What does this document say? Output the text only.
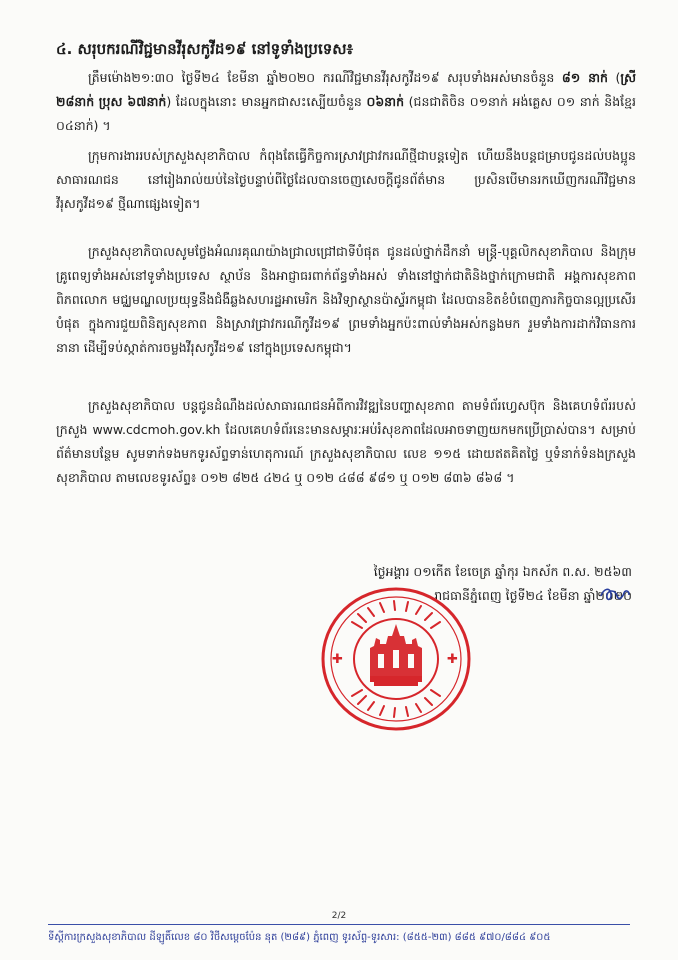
៤. សរុបករណីវិជ្ជមានវីរុសកូវីដ១៩ នៅទូទាំងប្រទេស៖
ត្រឹមម៉ោង២១:៣០ ថ្ងៃទី២៤ ខែមីនា ឆ្នាំ២០២០ ករណីវិជ្ជមានវីរុសកូវីដ១៩ សរុបទាំងអស់មានចំនួន ៨១ នាក់ (ស្រី ២៨នាក់ ប្រុស ៦៧នាក់) ដែលក្នុងនោះ មានអ្នកជាសះស្បើយចំនួន ០៦នាក់ (ជនជាតិចិន ០១នាក់ អង់គ្លេស ០១ នាក់ និងខ្មែរ ០៤នាក់) ។
ក្រុមការងាររបស់ក្រសួងសុខាភិបាល កំពុងតែធ្វើកិច្ចការស្រាវជ្រាវករណីថ្មីជាបន្តទៀត ហើយនឹងបន្តជម្រាបជូនដល់បងប្អូនសាធារណជន នៅរៀងរាល់យប់នៃថ្ងៃបន្ទាប់ពីថ្ងៃដែលបានចេញសេចក្តីជូនព័ត៌មាន ប្រសិនបើមានរកឃើញករណីវិជ្ជមានវីរុសកូវីដ១៩ ថ្មីណាផ្សេងទៀត។
ក្រសួងសុខាភិបាលសូមថ្លែងអំណរគុណយ៉ាងជ្រាលជ្រៅជាទីបំផុត ជូនដល់ថ្នាក់ដឹកនាំ មន្ត្រី-បុគ្គលិកសុខាភិបាល និងក្រុមគ្រូពេទ្យទាំងអស់នៅទូទាំងប្រទេស ស្ថាប័ន និងអាជ្ញាធរពាក់ព័ន្ធទាំងអស់ ទាំងនៅថ្នាក់ជាតិនិងថ្នាក់ក្រោមជាតិ អង្គការសុខភាពពិភពលោក មជ្ឈមណ្ឌលប្រយុទ្ធនឹងជំងឺឆ្លងសហរដ្ឋអាមេរិក និងវិទ្យាស្ថានប៉ាស្ទ័រកម្ពុជា ដែលបានខិតខំបំពេញភារកិច្ចបានល្អប្រសើរបំផុត ក្នុងការជួយពិនិត្យសុខភាព និងស្រាវជ្រាវករណីកូវីដ១៩ ព្រមទាំងអ្នកប៉ះពាល់ទាំងអស់កន្លងមក រួមទាំងការដាក់វិធានការនានា ដើម្បីទប់ស្កាត់ការចម្លងវីរុសកូវីដ១៩ នៅក្នុងប្រទេសកម្ពុជា។
ក្រសួងសុខាភិបាល បន្តជូនដំណឹងដល់សាធារណជនអំពីការវិវឌ្ឍនៃបញ្ហាសុខភាព តាមទំព័រហ្វេសប៊ុក និងគេហទំព័ររបស់ក្រសួង www.cdcmoh.gov.kh ដែលគេហទំព័រនេះមានសម្ភារៈអប់រំសុខភាពដែលអាចទាញយកមកប្រើប្រាស់បាន។ សម្រាប់ព័ត៌មានបន្ថែម សូមទាក់ទងមកទូរស័ព្ទទាន់ហេតុការណ៍ ក្រសួងសុខាភិបាល លេខ ១១៥ ដោយឥតគិតថ្លៃ ឬទំនាក់ទំនងក្រសួងសុខាភិបាល តាមលេខទូរស័ព្ទ៖ ០១២ ៨២៥ ៤២៤ ឬ ០១២ ៤៨៨ ៩៨១ ឬ ០១២ ៨៣៦ ៨៦៨ ។
ថ្ងៃអង្គារ ០១កើត ខែចេត្រ ឆ្នាំកុរ ឯកស័ក ព.ស. ២៥៦៣
រាជធានីភ្នំពេញ ថ្ងៃទី២៤ ខែមីនា ឆ្នាំ២០២០
✚	✚
2/2
ទីស្តីការក្រសួងសុខាភិបាល ដីឡូតិ៍លេខ ៨០ វិថីសម្ដេចប៉ែន នុត (២៨៩) ភ្នំពេញ ទូរស័ព្ទ-ទូរសារ: (៨៥៥-២៣) ៨៨៥ ៩៧០/៨៨៤ ៩០៥
